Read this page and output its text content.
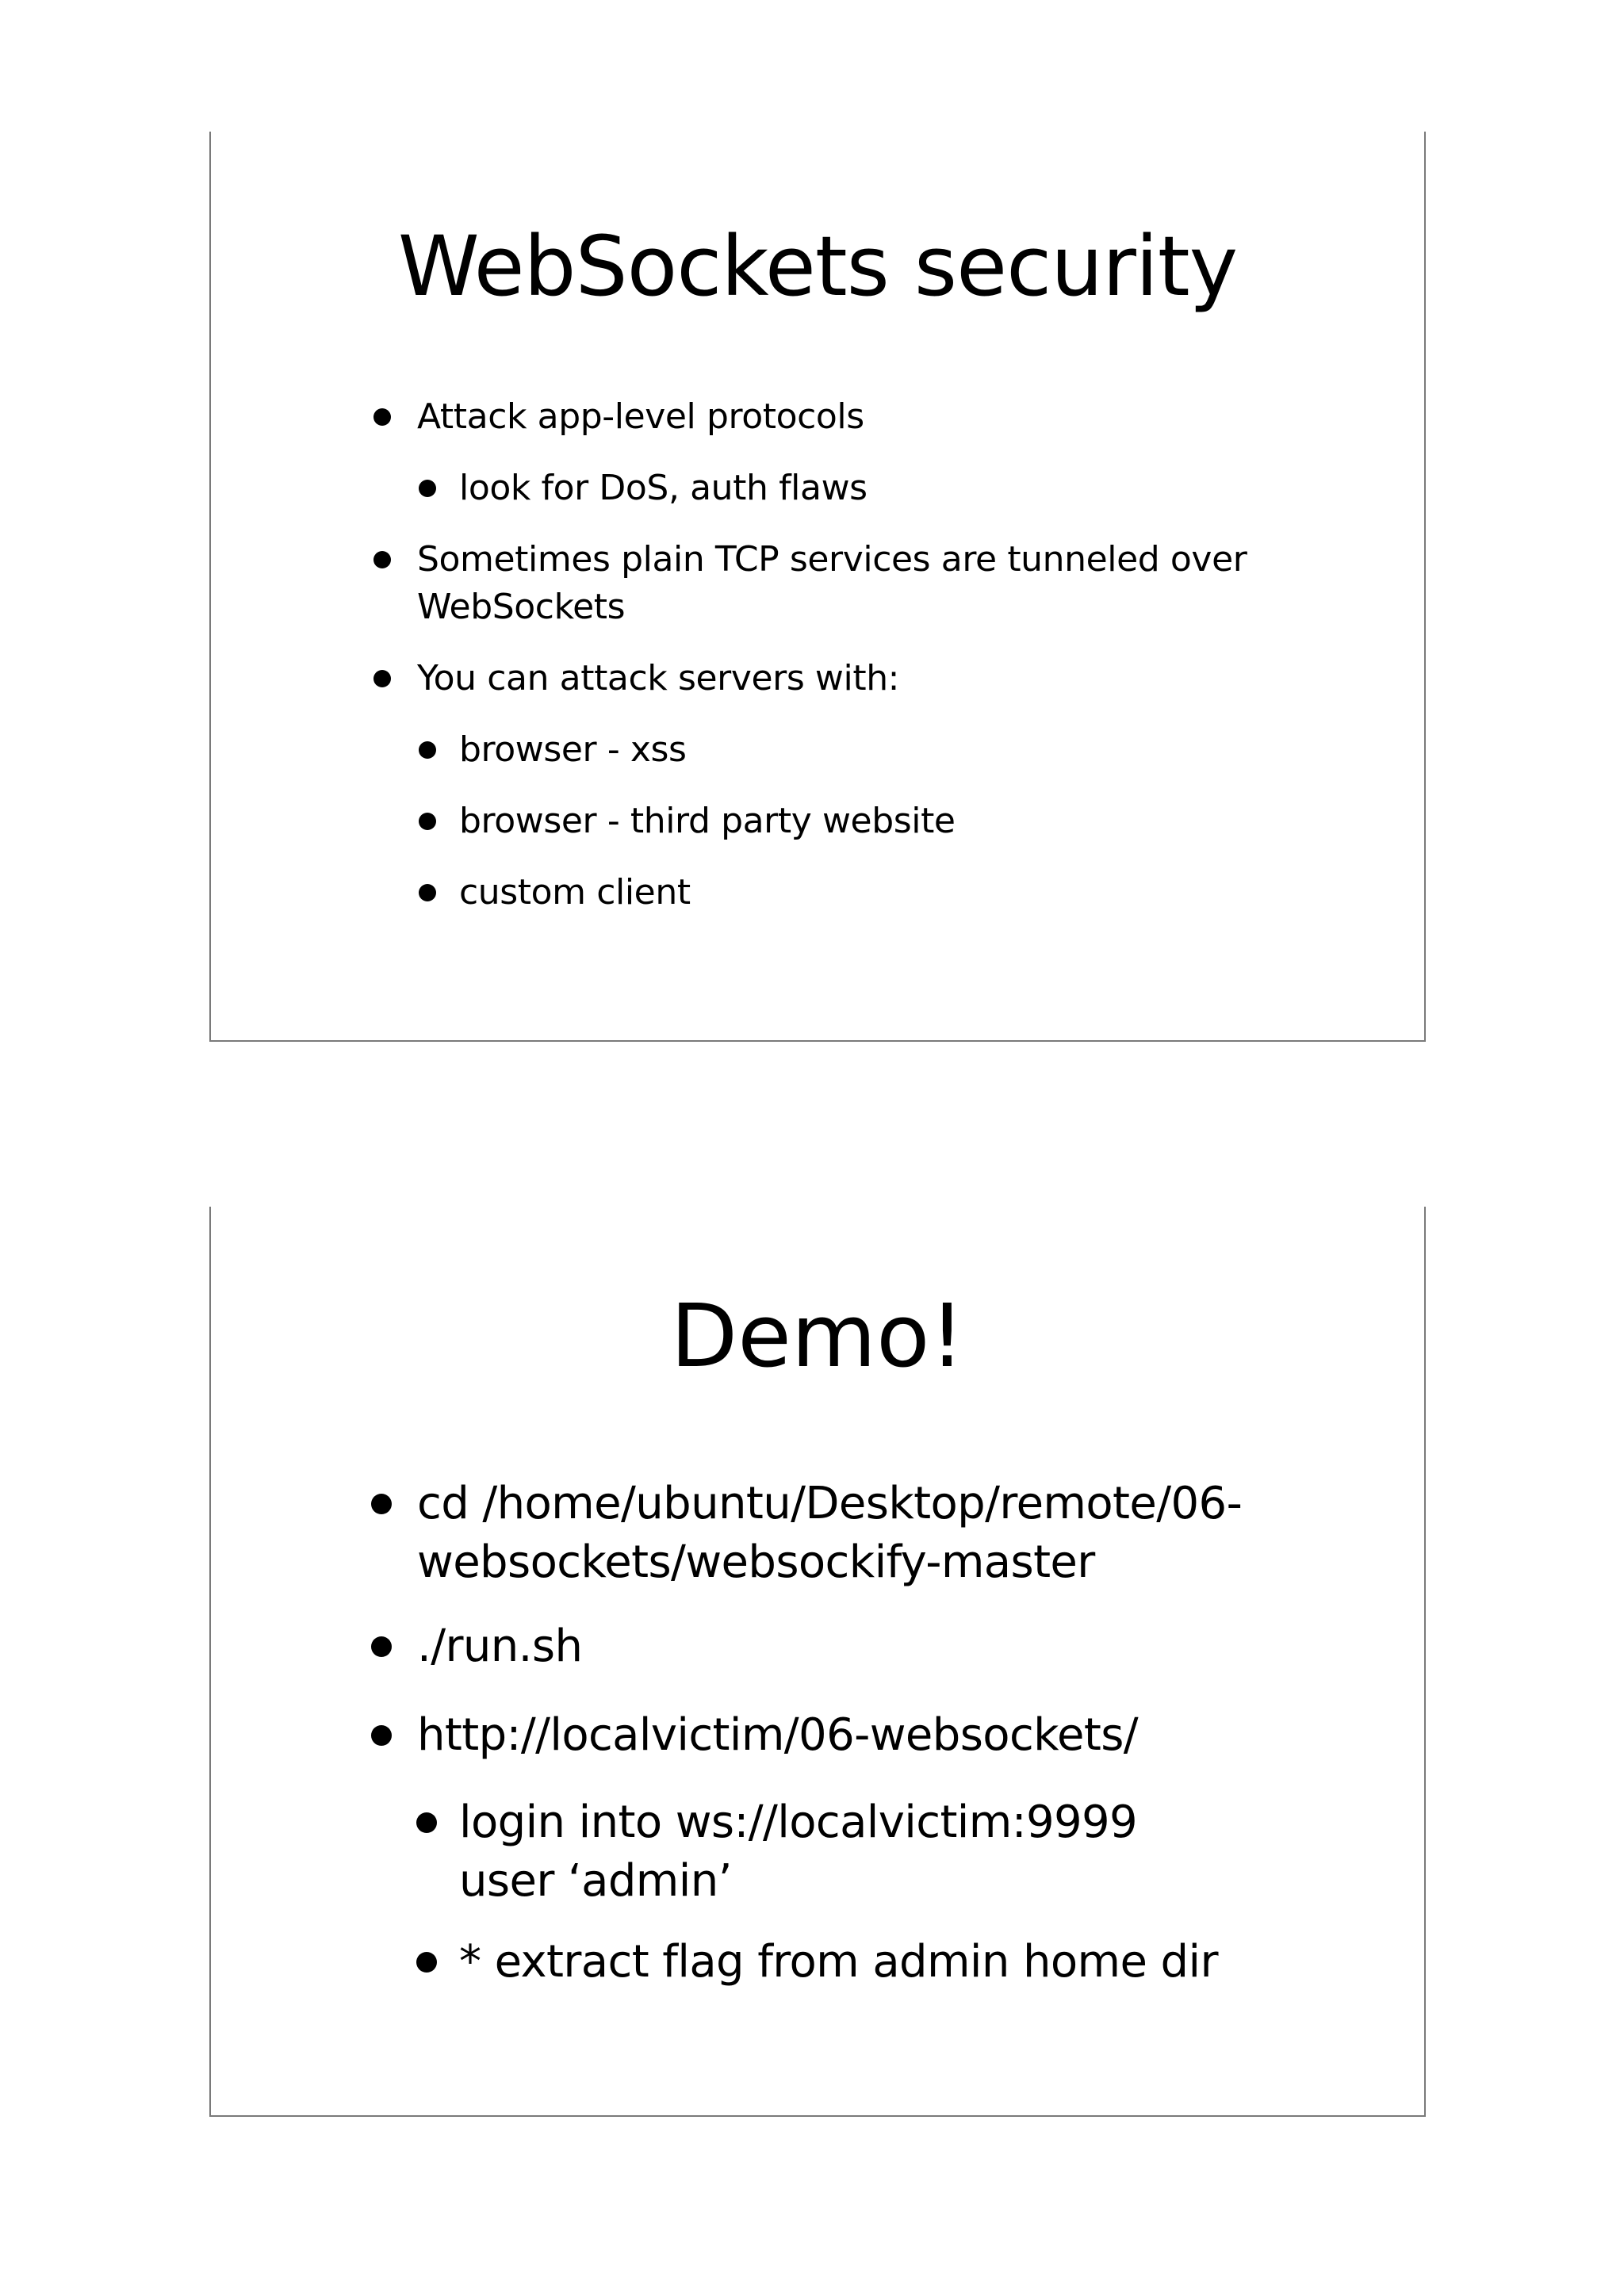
WebSockets security
Attack app-level protocols
look for DoS, auth flaws
Sometimes plain TCP services are tunneled over
WebSockets
You can attack servers with:
browser - xss
browser - third party website
custom client
Demo!
cd /home/ubuntu/Desktop/remote/06-
websockets/websockify-master
./run.sh
http://localvictim/06-websockets/
login into ws://localvictim:9999
user ‘admin’
* extract flag from admin home dir
